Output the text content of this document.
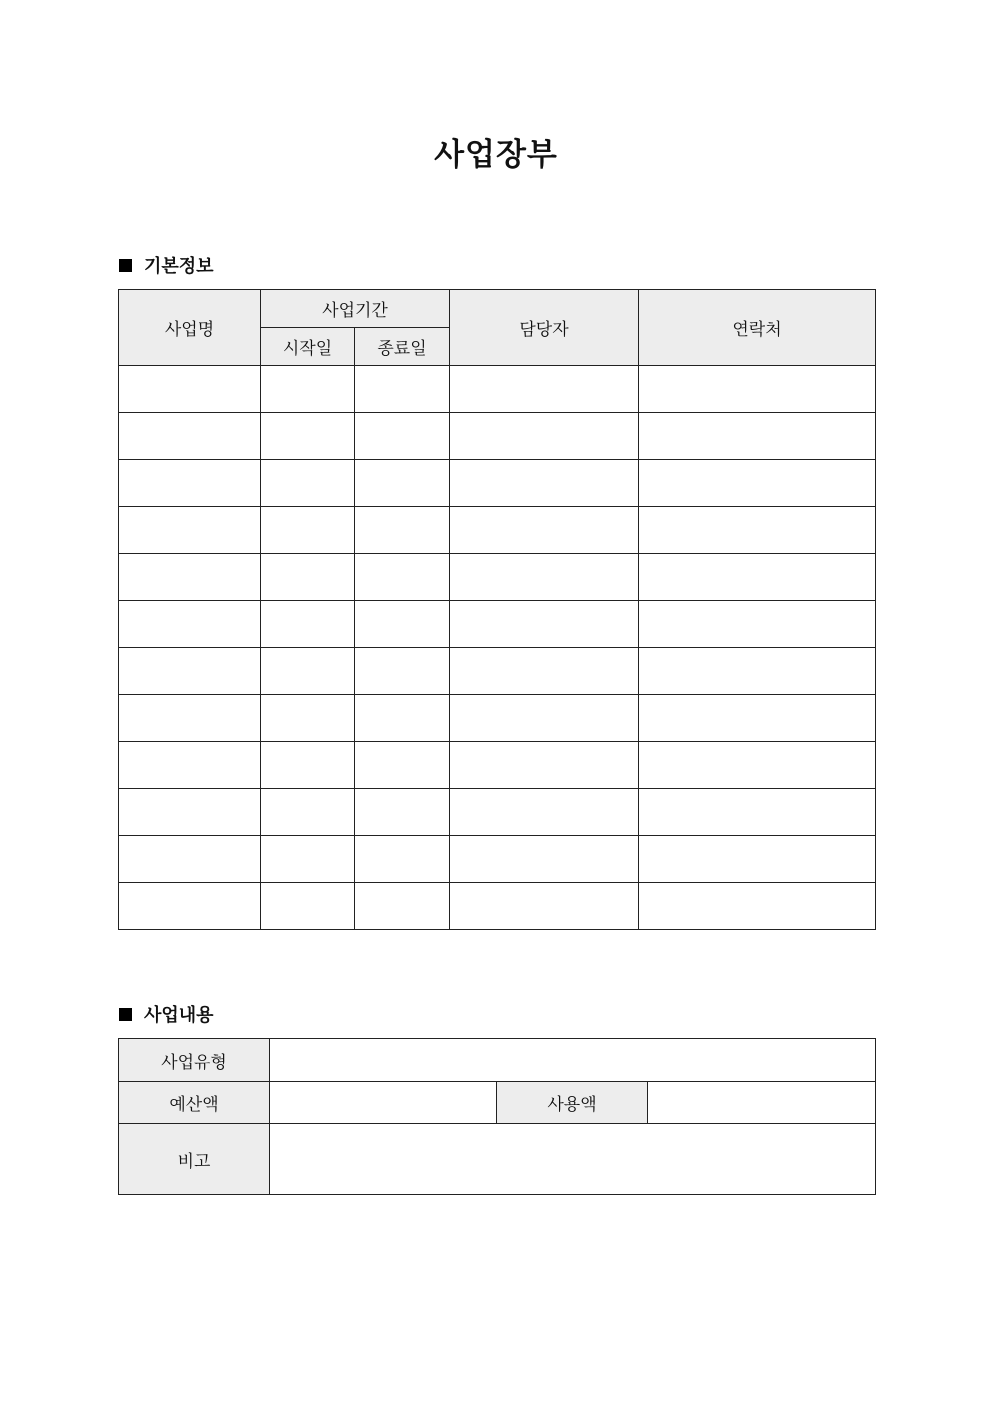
사업장부
기본정보
사업명	사업기간		담당자	연락처
	시작일	종료일		

사업내용
사업유형			
예산액		사용액	
비고			
